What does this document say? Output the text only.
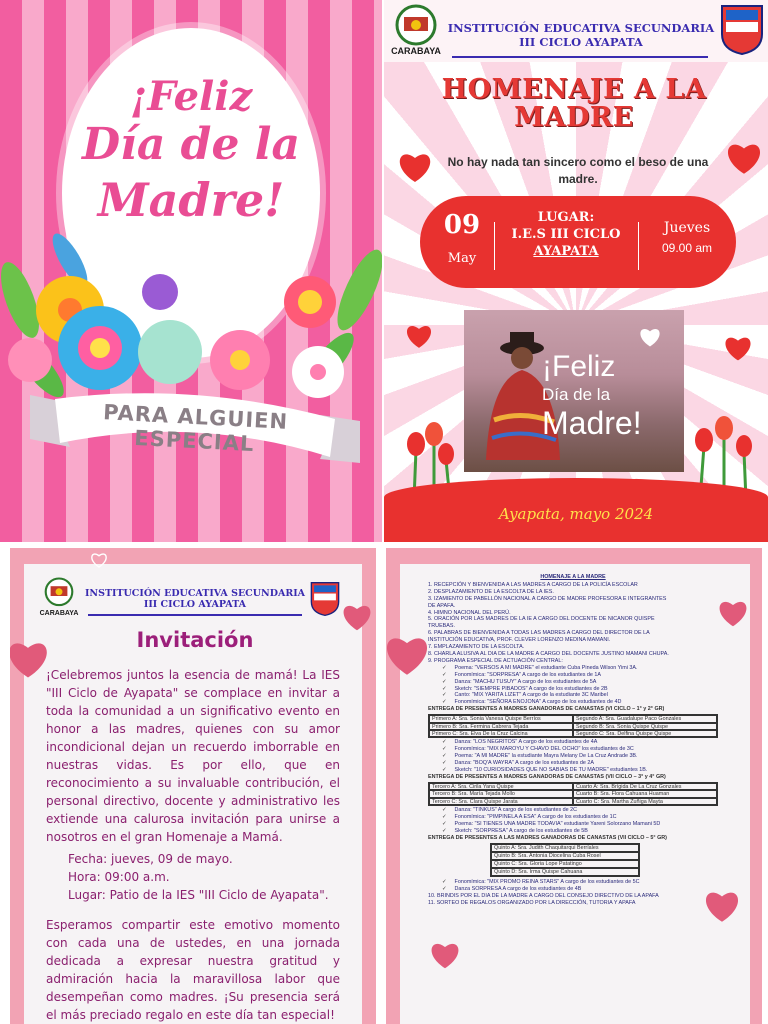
¡Feliz
Día de la
Madre!
PARA ALGUIEN ESPECIAL
CARABAYA
INSTITUCIÓN EDUCATIVA SECUNDARIA
III CICLO AYAPATA
HOMENAJE A LA
MADRE
No hay nada tan sincero como el beso de una madre.
09
May
LUGAR:
I.E.S III CICLO
AYAPATA
Jueves
09.00 am
¡Feliz
Día de la
Madre!
Ayapata, mayo 2024
CARABAYA
INSTITUCIÓN EDUCATIVA SECUNDARIA
III CICLO AYAPATA
Invitación
¡Celebremos juntos la esencia de mamá! La IES "III Ciclo de Ayapata" se complace en invitar a toda la comunidad a un significativo evento en honor a las madres, quienes con su amor incondicional dejan un recuerdo imborrable en nuestras vidas. Es por ello, que en reconocimiento a su invaluable contribución, el personal directivo, docente y administrativo les extiende una calurosa invitación para unirse a nosotros en el gran Homenaje a Mamá.
Fecha: jueves, 09 de mayo.
Hora: 09:00 a.m.
Lugar: Patio de la IES "III Ciclo de Ayapata".
Esperamos compartir este emotivo momento con cada una de ustedes, en una jornada dedicada a expresar nuestra gratitud y admiración hacia la maravillosa labor que desempeñan como madres. ¡Su presencia será el más preciado regalo en este día tan especial!
HOMENAJE A LA MADRE
1. RECEPCIÓN Y BIENVENIDA A LAS MADRES A CARGO DE LA POLICÍA ESCOLAR
2. DESPLAZAMIENTO DE LA ESCOLTA DE LA IES.
3. IZAMIENTO DE PABELLÓN NACIONAL A CARGO DE MADRE PROFESORA E INTEGRANTES
DE APAFA.
4. HIMNO NACIONAL DEL PERÚ.
5. ORACIÓN POR LAS MADRES DE LA IE A CARGO DEL DOCENTE DE NICANOR QUISPE
TRUEBAS.
6. PALABRAS DE BIENVENIDA A TODAS LAS MADRES A CARGO DEL DIRECTOR DE LA
INSTITUCIÓN EDUCATIVA, PROF. CLEVER LORENZO MEDINA MAMANI.
7. EMPLAZAMIENTO DE LA ESCOLTA.
8. CHARLA ALUSIVA AL DIA DE LA MADRE A CARGO DEL DOCENTE JUSTINO MAMANI CHUPA.
9. PROGRAMA ESPECIAL DE ACTUACIÓN CENTRAL:
✓ Poema: "VERSOS A MI MADRE" el estudiante Cuba Pineda Wilson Yimi 3A.
✓ Fonomímica: "SORPRESA" A cargo de los estudiantes de 1A
✓ Danza: "MACHU TUSUY" A cargo de los estudiantes de 5A
✓ Sketch: "SIEMPRE PIBADOS" A cargo de los estudiantes de 2B
✓ Canto: "MIX YARITA LIZET" A cargo de la estudiante 3C Maribel
✓ Fonomímica: "SEÑORA ENOJONA" A cargo de los estudiantes de 4D
ENTREGA DE PRESENTES A MADRES GANADORAS DE CANASTAS (VI CICLO – 1° y 2° GR)
Primero A: Sra. Sonia Vanesa Quispe Berríos	Segundo A: Sra. Guadalupe Paco Gonzales
Primero B: Sra. Fermina Cabrera Tejada	Segundo B: Sra. Sonia Quispe Quispe
Primero C: Sra. Elva De la Cruz Calcina	Segundo C: Sra. Delfina Quispe Quispe
✓ Danza: "LOS NEGRITOS" A cargo de los estudiantes de 4A
✓ Fonomímica: "MIX MAROYU Y CHAVO DEL OCHO" los estudiantes de 3C
✓ Poema: "A MI MADRE" la estudiante Mayra Melany De La Cruz Andrade 3B.
✓ Danza: "BOQ'A WAYRA" A cargo de los estudiantes de 2A
✓ Sketch: "10 CURIOSIDADES QUE NO SABIAS DE TU MADRE" estudiantes 1B.
ENTREGA DE PRESENTES A MADRES GANADORAS DE CANASTAS (VII CICLO – 3° y 4° GR)
Tercero A: Sra. Cirila Yana Quispe	Cuarto A: Sra. Brígida De La Cruz Gonzales
Tercero B: Sra. María Tejada Mollo	Cuarto B: Sra. Flora Cahuana Huaman
Tercero C: Sra. Clara Quispe Jarata	Cuarto C: Sra. Martha Zuñiga Mayta
✓ Danza: "TINKUS" A cargo de los estudiantes de 2C
✓ Fonomímica: "PIMPINELA A ESA" A cargo de los estudiantes de 1C
✓ Poema: "SI TIENES UNA MADRE TODAVIA" estudiante Yareni Solorzano Mamani 5D
✓ Sketch: "SORPRESA" A cargo de los estudiantes de 5B
ENTREGA DE PRESENTES A LAS MADRES GANADORAS DE CANASTAS (VII CICLO – 5° GR)
Quinto A: Sra. Judith Chaquitarqui Berríales
Quinto B: Sra. Antonia Diocelina Cuba Rosel
Quinto C: Sra. Gloria Lope Patatingo
Quinto D: Sra. Irma Quispe Cahuana
✓ Fonomímica: "MIX PROMO REINA STARS" A cargo de los estudiantes de 5C
✓ Danza SORPRESA A cargo de los estudiantes de 4B
10. BRINDIS POR EL DIA DE LA MADRE A CARGO DEL CONSEJO DIRECTIVO DE LA APAFA
11. SORTEO DE REGALOS ORGANIZADO POR LA DIRECCIÓN, TUTORIA Y APAFA
